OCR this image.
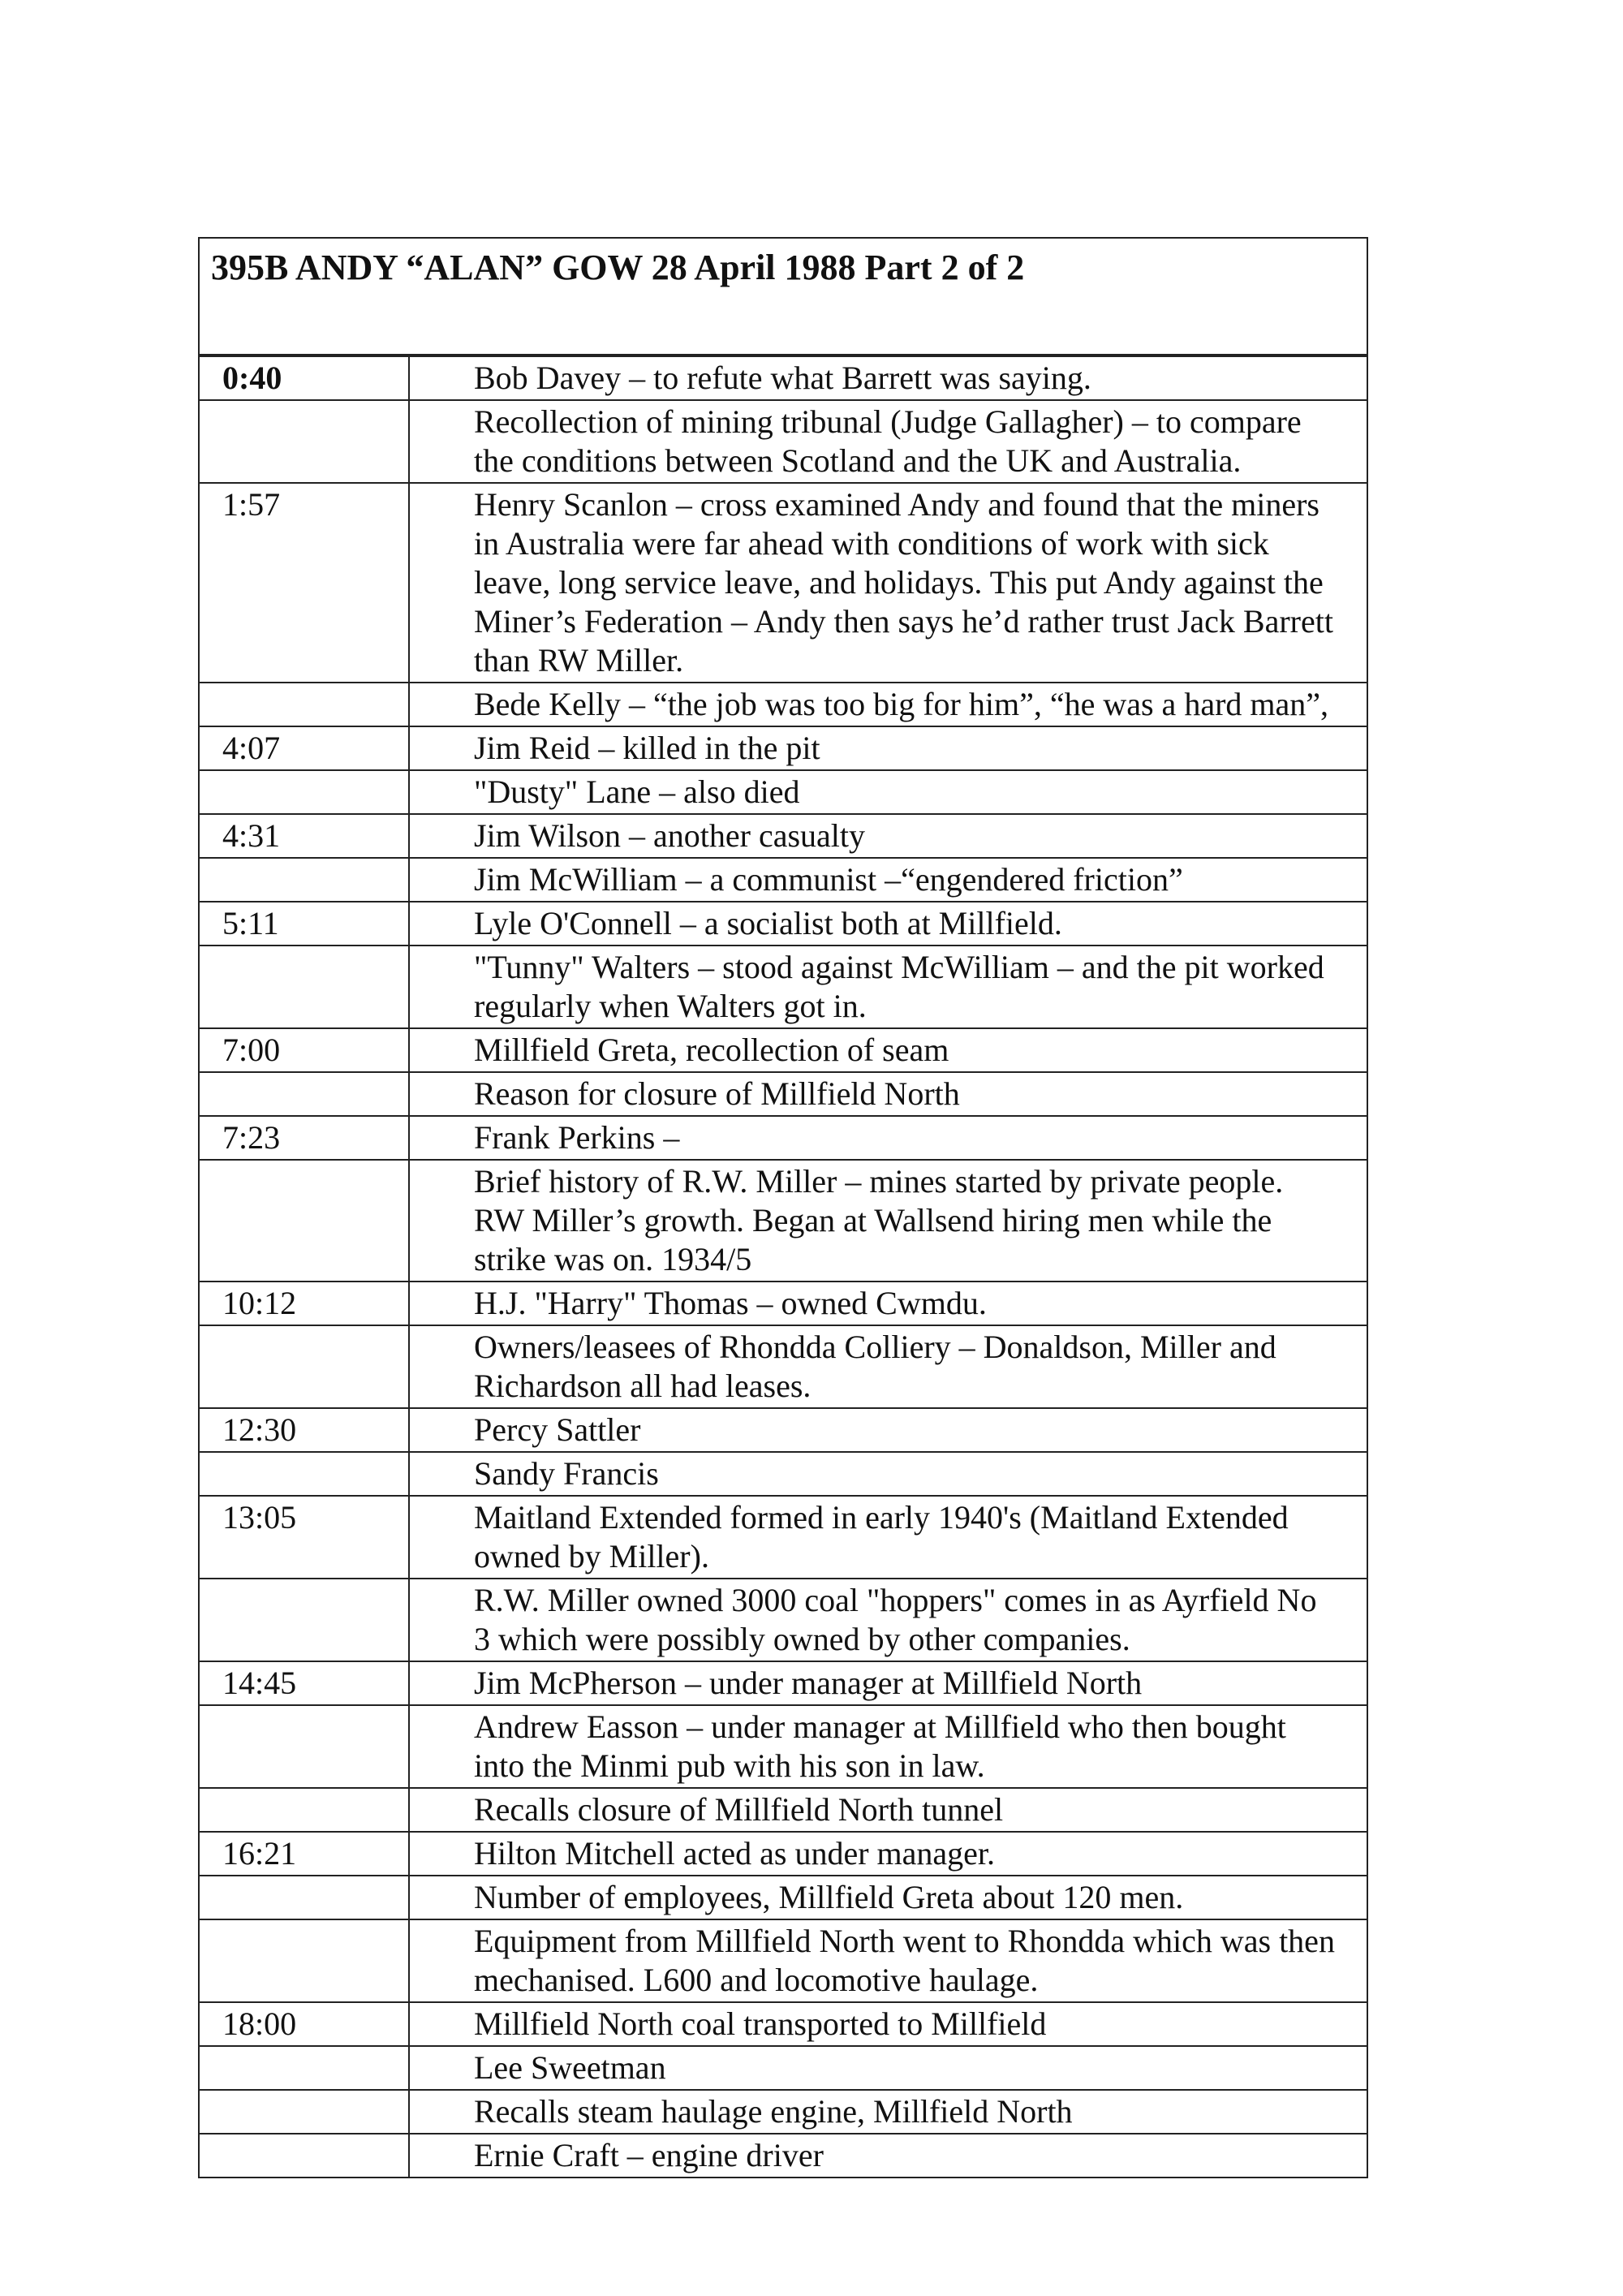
395B ANDY “ALAN” GOW 28 April 1988 Part 2 of 2	
0:40	Bob Davey – to refute what Barrett was saying.
	Recollection of mining tribunal (Judge Gallagher) – to compare
the conditions between Scotland and the UK and Australia.
1:57	Henry Scanlon – cross examined Andy and found that the miners
in Australia were far ahead with conditions of work with sick
leave, long service leave, and holidays. This put Andy against the
Miner’s Federation – Andy then says he’d rather trust Jack Barrett
than RW Miller.
	Bede Kelly – “the job was too big for him”, “he was a hard man”,
4:07	Jim Reid – killed in the pit
	"Dusty" Lane – also died
4:31	Jim Wilson – another casualty
	Jim McWilliam – a communist –“engendered friction”
5:11	Lyle O'Connell – a socialist both at Millfield.
	"Tunny" Walters – stood against McWilliam – and the pit worked
regularly when Walters got in.
7:00	Millfield Greta, recollection of seam
	Reason for closure of Millfield North
7:23	Frank Perkins –
	Brief history of R.W. Miller – mines started by private people.
RW Miller’s growth. Began at Wallsend hiring men while the
strike was on. 1934/5
10:12	H.J. "Harry" Thomas – owned Cwmdu.
	Owners/leasees of Rhondda Colliery – Donaldson, Miller and
Richardson all had leases.
12:30	Percy Sattler
	Sandy Francis
13:05	Maitland Extended formed in early 1940's (Maitland Extended
owned by Miller).
	R.W. Miller owned 3000 coal "hoppers" comes in as Ayrfield No
3 which were possibly owned by other companies.
14:45	Jim McPherson – under manager at Millfield North
	Andrew Easson – under manager at Millfield who then bought
into the Minmi pub with his son in law.
	Recalls closure of Millfield North tunnel
16:21	Hilton Mitchell acted as under manager.
	Number of employees, Millfield Greta about 120 men.
	Equipment from Millfield North went to Rhondda which was then
mechanised. L600 and locomotive haulage.
18:00	Millfield North coal transported to Millfield
	Lee Sweetman
	Recalls steam haulage engine, Millfield North
	Ernie Craft – engine driver
